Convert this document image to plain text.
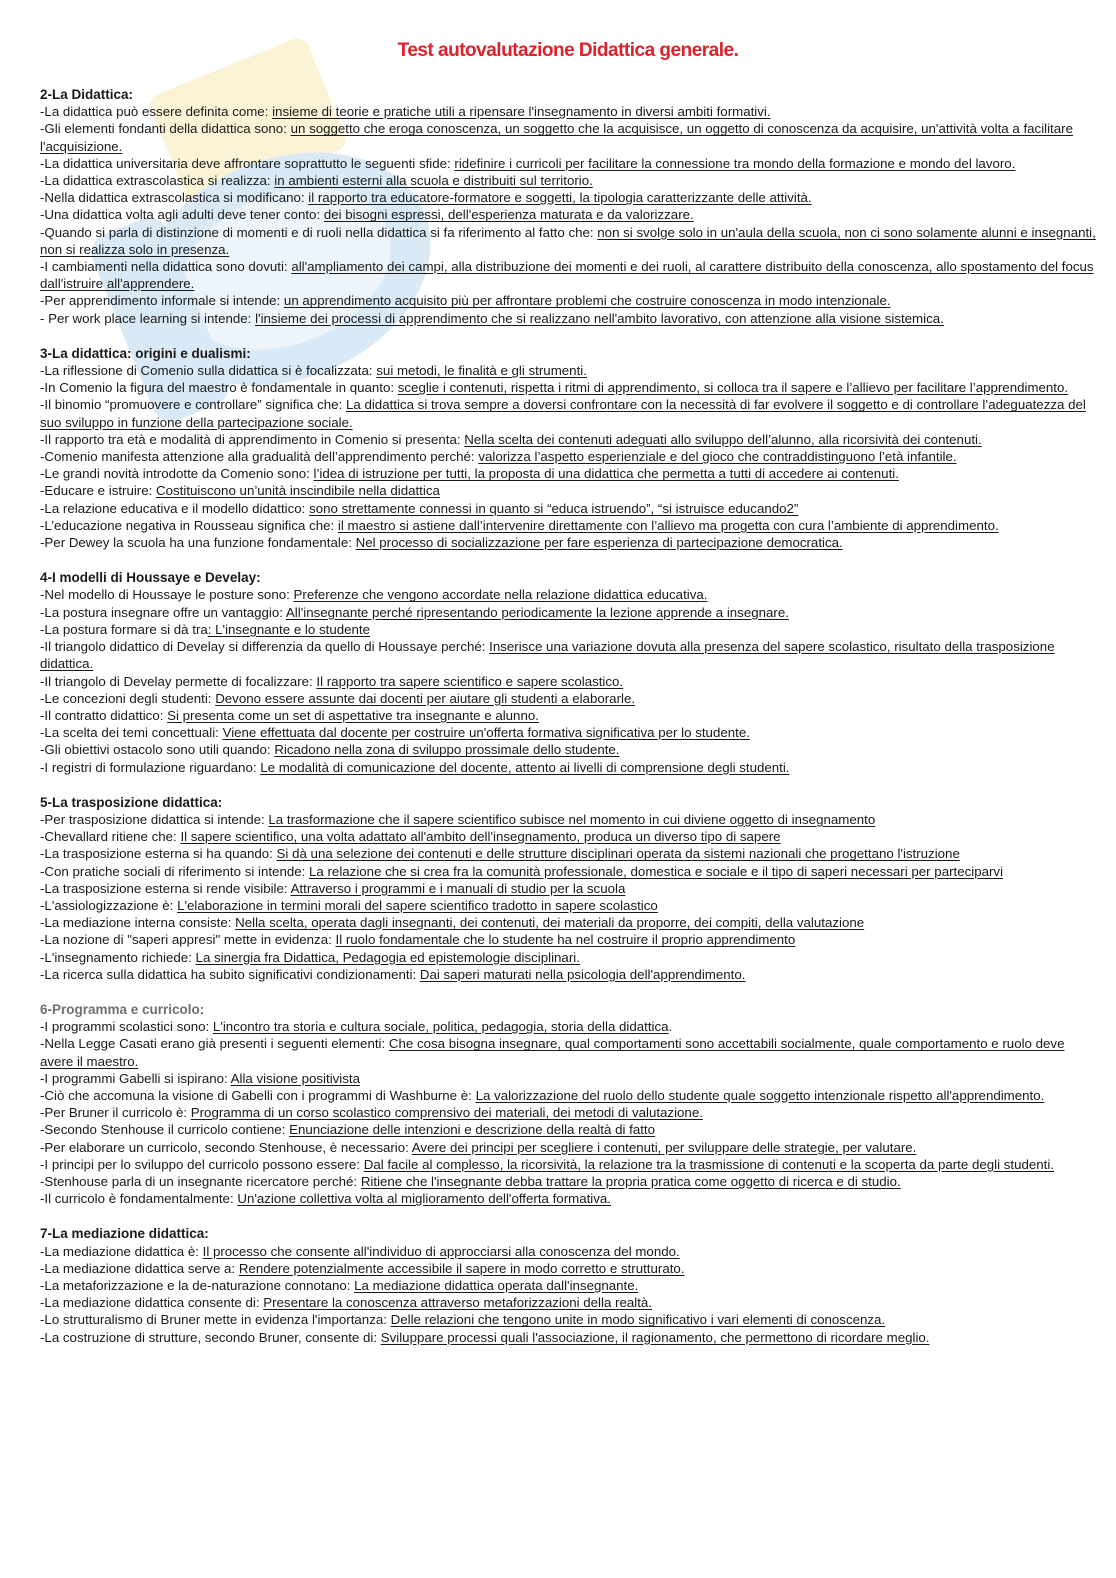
Test autovalutazione Didattica generale.

2-La Didattica:

-La didattica può essere definita come: insieme di teorie e pratiche utili a ripensare l'insegnamento in diversi ambiti formativi.

-Gli elementi fondanti della didattica sono: un soggetto che eroga conoscenza, un soggetto che la acquisisce, un oggetto di conoscenza da acquisire, un'attività volta a facilitare l'acquisizione.

-La didattica universitaria deve affrontare soprattutto le seguenti sfide: ridefinire i curricoli per facilitare la connessione tra mondo della formazione e mondo del lavoro.

-La didattica extrascolastica si realizza: in ambienti esterni alla scuola e distribuiti sul territorio.

-Nella didattica extrascolastica si modificano: il rapporto tra educatore-formatore e soggetti, la tipologia caratterizzante delle attività.

-Una didattica volta agli adulti deve tener conto: dei bisogni espressi, dell'esperienza maturata e da valorizzare.

-Quando si parla di distinzione di momenti e di ruoli nella didattica si fa riferimento al fatto che: non si svolge solo in un'aula della scuola, non ci sono solamente alunni e insegnanti, non si realizza solo in presenza.

-I cambiamenti nella didattica sono dovuti: all'ampliamento dei campi, alla distribuzione dei momenti e dei ruoli, al carattere distribuito della conoscenza, allo spostamento del focus dall'istruire all'apprendere.

-Per apprendimento informale si intende: un apprendimento acquisito più per affrontare problemi che costruire conoscenza in modo intenzionale.

- Per work place learning si intende: l'insieme dei processi di apprendimento che si realizzano nell'ambito lavorativo, con attenzione alla visione sistemica.

3-La didattica: origini e dualismi:

-La riflessione di Comenio sulla didattica si è focalizzata: sui metodi, le finalità e gli strumenti.

-In Comenio la figura del maestro è fondamentale in quanto: sceglie i contenuti, rispetta i ritmi di apprendimento, si colloca tra il sapere e l’allievo per facilitare l’apprendimento.

-Il binomio “promuovere e controllare” significa che: La didattica si trova sempre a doversi confrontare con la necessità di far evolvere il soggetto e di controllare l’adeguatezza del suo sviluppo in funzione della partecipazione sociale.

-Il rapporto tra età e modalità di apprendimento in Comenio si presenta: Nella scelta dei contenuti adeguati allo sviluppo dell’alunno, alla ricorsività dei contenuti.

-Comenio manifesta attenzione alla gradualità dell’apprendimento perché: valorizza l’aspetto esperienziale e del gioco che contraddistinguono l’età infantile.

-Le grandi novità introdotte da Comenio sono: l’idea di istruzione per tutti, la proposta di una didattica che permetta a tutti di accedere ai contenuti.

-Educare e istruire: Costituiscono un’unità inscindibile nella didattica

-La relazione educativa e il modello didattico: sono strettamente connessi in quanto si “educa istruendo”, “si istruisce educando2”

-L’educazione negativa in Rousseau significa che: il maestro si astiene dall’intervenire direttamente con l’allievo ma progetta con cura l’ambiente di apprendimento.

-Per Dewey la scuola ha una funzione fondamentale: Nel processo di socializzazione per fare esperienza di partecipazione democratica.

4-I modelli di Houssaye e Develay:

-Nel modello di Houssaye le posture sono: Preferenze che vengono accordate nella relazione didattica educativa.

-La postura insegnare offre un vantaggio: All'insegnante perché ripresentando periodicamente la lezione apprende a insegnare.

-La postura formare si dà tra: L'insegnante e lo studente

-Il triangolo didattico di Develay si differenzia da quello di Houssaye perché: Inserisce una variazione dovuta alla presenza del sapere scolastico, risultato della trasposizione didattica.

-Il triangolo di Develay permette di focalizzare: Il rapporto tra sapere scientifico e sapere scolastico.

-Le concezioni degli studenti: Devono essere assunte dai docenti per aiutare gli studenti a elaborarle.

-Il contratto didattico: Si presenta come un set di aspettative tra insegnante e alunno.

-La scelta dei temi concettuali: Viene effettuata dal docente per costruire un'offerta formativa significativa per lo studente.

-Gli obiettivi ostacolo sono utili quando: Ricadono nella zona di sviluppo prossimale dello studente.

-I registri di formulazione riguardano: Le modalità di comunicazione del docente, attento ai livelli di comprensione degli studenti.

5-La trasposizione didattica:

-Per trasposizione didattica si intende: La trasformazione che il sapere scientifico subisce nel momento in cui diviene oggetto di insegnamento

-Chevallard ritiene che: Il sapere scientifico, una volta adattato all'ambito dell'insegnamento, produca un diverso tipo di sapere

-La trasposizione esterna si ha quando: Si dà una selezione dei contenuti e delle strutture disciplinari operata da sistemi nazionali che progettano l'istruzione

-Con pratiche sociali di riferimento si intende: La relazione che si crea fra la comunità professionale, domestica e sociale e il tipo di saperi necessari per parteciparvi

-La trasposizione esterna si rende visibile: Attraverso i programmi e i manuali di studio per la scuola

-L'assiologizzazione è: L'elaborazione in termini morali del sapere scientifico tradotto in sapere scolastico

-La mediazione interna consiste: Nella scelta, operata dagli insegnanti, dei contenuti, dei materiali da proporre, dei compiti, della valutazione

-La nozione di "saperi appresi" mette in evidenza: Il ruolo fondamentale che lo studente ha nel costruire il proprio apprendimento

-L'insegnamento richiede: La sinergia fra Didattica, Pedagogia ed epistemologie disciplinari.

-La ricerca sulla didattica ha subito significativi condizionamenti: Dai saperi maturati nella psicologia dell'apprendimento.

6-Programma e curricolo:

-I programmi scolastici sono: L'incontro tra storia e cultura sociale, politica, pedagogia, storia della didattica.

-Nella Legge Casati erano già presenti i seguenti elementi: Che cosa bisogna insegnare, qual comportamenti sono accettabili socialmente, quale comportamento e ruolo deve avere il maestro.

-I programmi Gabelli si ispirano: Alla visione positivista

-Ciò che accomuna la visione di Gabelli con i programmi di Washburne è: La valorizzazione del ruolo dello studente quale soggetto intenzionale rispetto all'apprendimento.

-Per Bruner il curricolo è: Programma di un corso scolastico comprensivo dei materiali, dei metodi di valutazione.

-Secondo Stenhouse il curricolo contiene: Enunciazione delle intenzioni e descrizione della realtà di fatto

-Per elaborare un curricolo, secondo Stenhouse, è necessario: Avere dei principi per scegliere i contenuti, per sviluppare delle strategie, per valutare.

-I principi per lo sviluppo del curricolo possono essere: Dal facile al complesso, la ricorsività, la relazione tra la trasmissione di contenuti e la scoperta da parte degli studenti.

-Stenhouse parla di un insegnante ricercatore perché: Ritiene che l'insegnante debba trattare la propria pratica come oggetto di ricerca e di studio.

-Il curricolo è fondamentalmente: Un'azione collettiva volta al miglioramento dell'offerta formativa.

7-La mediazione didattica:

-La mediazione didattica è: Il processo che consente all'individuo di approcciarsi alla conoscenza del mondo.

-La mediazione didattica serve a: Rendere potenzialmente accessibile il sapere in modo corretto e strutturato.

-La metaforizzazione e la de-naturazione connotano: La mediazione didattica operata dall'insegnante.

-La mediazione didattica consente di: Presentare la conoscenza attraverso metaforizzazioni della realtà.

-Lo strutturalismo di Bruner mette in evidenza l'importanza: Delle relazioni che tengono unite in modo significativo i vari elementi di conoscenza.

-La costruzione di strutture, secondo Bruner, consente di: Sviluppare processi quali l'associazione, il ragionamento, che permettono di ricordare meglio.
